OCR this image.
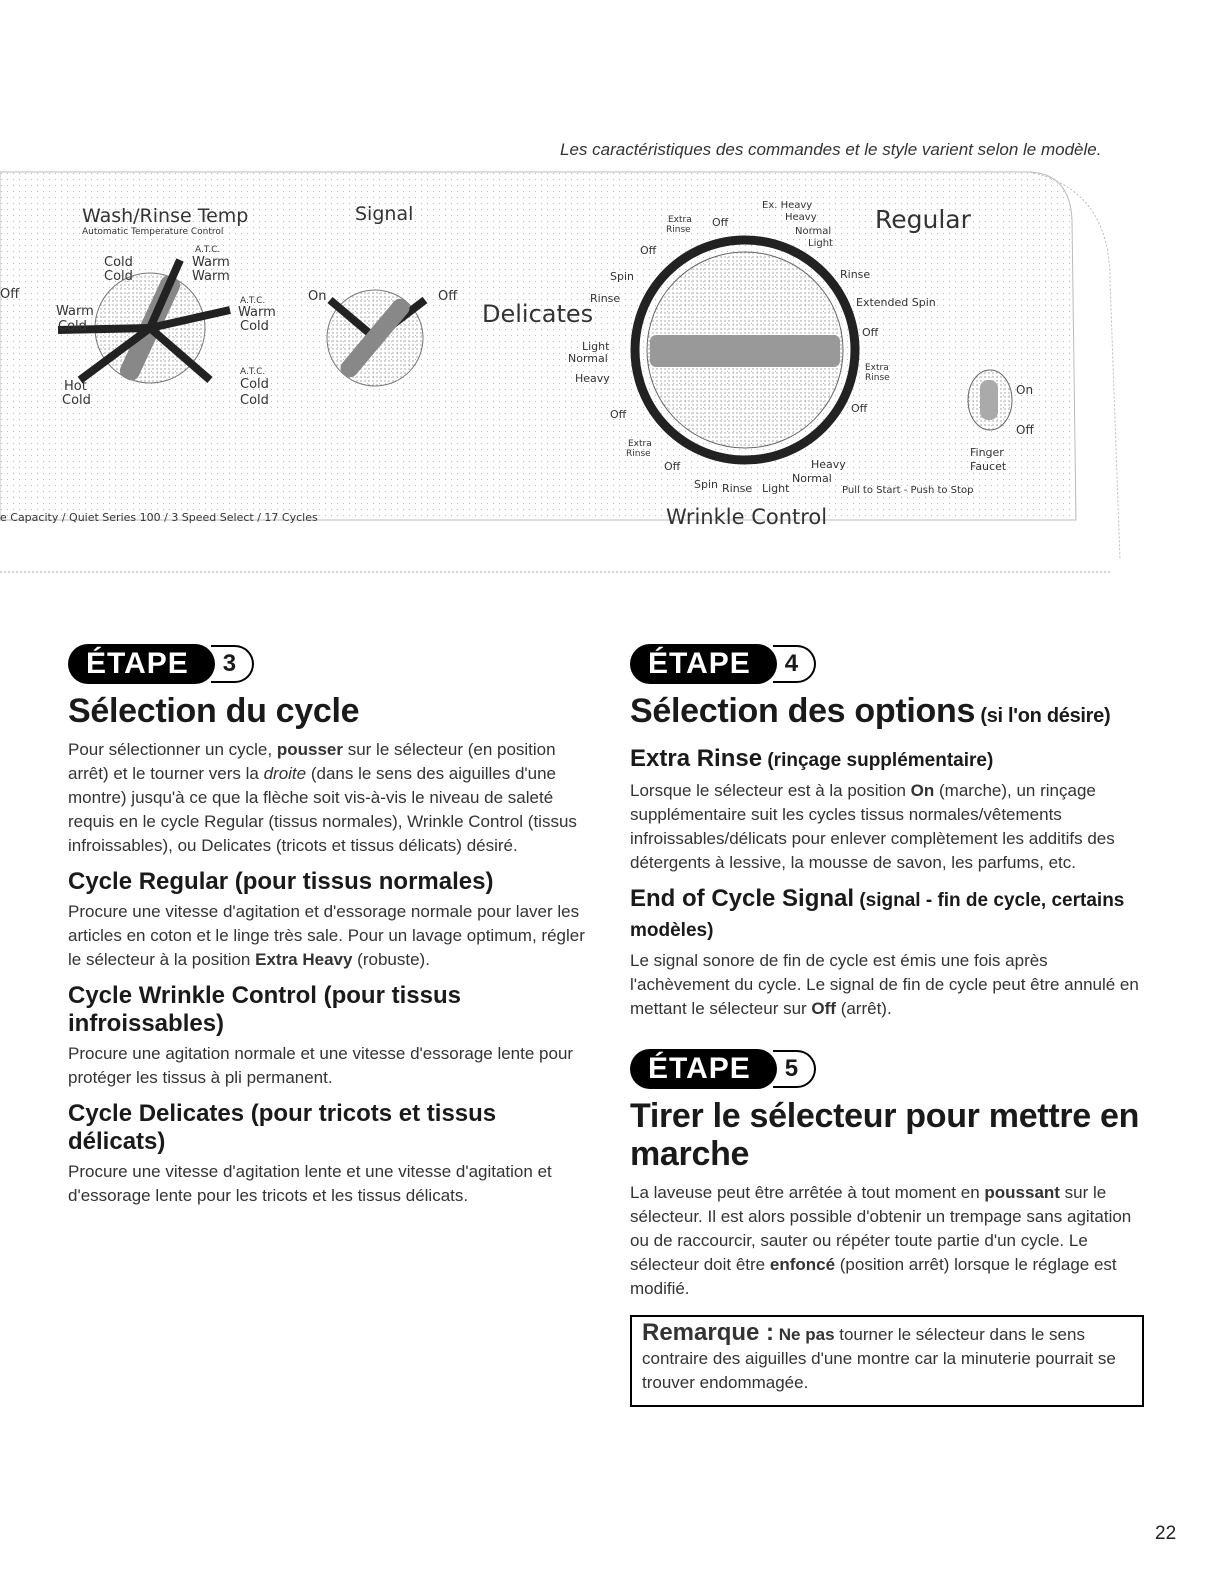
Les caractéristiques des commandes et le style varient selon le modèle.
Wash/Rinse Temp
Automatic Temperature Control
Off
A.T.C.
Cold	Warm
Cold	Warm
Warm
Cold
A.T.C.
Warm
Cold
Hot
Cold
A.T.C.
Cold
Cold
Signal
On	Off
Regular
Delicates
Wrinkle Control
Ex. Heavy
Heavy
Normal
Light
Rinse
Extended Spin
Off
Extra
Rinse
Off
Extra
Rinse
Off
Off
Spin
Rinse
Light
Normal
Heavy
Off
Extra
Rinse
Off
Spin Rinse Light
Normal
Heavy
Pull to Start - Push to Stop
On
Off
Finger
Faucet
e Capacity / Quiet Series 100 / 3 Speed Select / 17 Cycles
ÉTAPE	3
Sélection du cycle

Pour sélectionner un cycle, pousser sur le sélecteur (en position arrêt) et le tourner vers la droite (dans le sens des aiguilles d'une montre) jusqu'à ce que la flèche soit vis-à-vis le niveau de saleté requis en le cycle Regular (tissus normales), Wrinkle Control (tissus infroissables), ou Delicates (tricots et tissus délicats) désiré.

Cycle Regular (pour tissus normales)

Procure une vitesse d'agitation et d'essorage normale pour laver les articles en coton et le linge très sale. Pour un lavage optimum, régler le sélecteur à la position Extra Heavy (robuste).

Cycle Wrinkle Control (pour tissus infroissables)

Procure une agitation normale et une vitesse d'essorage lente pour protéger les tissus à pli permanent.

Cycle Delicates (pour tricots et tissus délicats)

Procure une vitesse d'agitation lente et une vitesse d'agitation et d'essorage lente pour les tricots et les tissus délicats.

ÉTAPE	4
Sélection des options (si l'on désire)
Extra Rinse (rinçage supplémentaire)

Lorsque le sélecteur est à la position On (marche), un rinçage supplémentaire suit les cycles tissus normales/vêtements infroissables/délicats pour enlever complètement les additifs des détergents à lessive, la mousse de savon, les parfums, etc.

End of Cycle Signal (signal - fin de cycle, certains modèles)

Le signal sonore de fin de cycle est émis une fois après l'achèvement du cycle. Le signal de fin de cycle peut être annulé en mettant le sélecteur sur Off (arrêt).

ÉTAPE	5
Tirer le sélecteur pour mettre en marche

La laveuse peut être arrêtée à tout moment en poussant sur le sélecteur. Il est alors possible d'obtenir un trempage sans agitation ou de raccourcir, sauter ou répéter toute partie d'un cycle. Le sélecteur doit être enfoncé (position arrêt) lorsque le réglage est modifié.

Remarque : Ne pas tourner le sélecteur dans le sens contraire des aiguilles d'une montre car la minuterie pourrait se trouver endommagée.

22
